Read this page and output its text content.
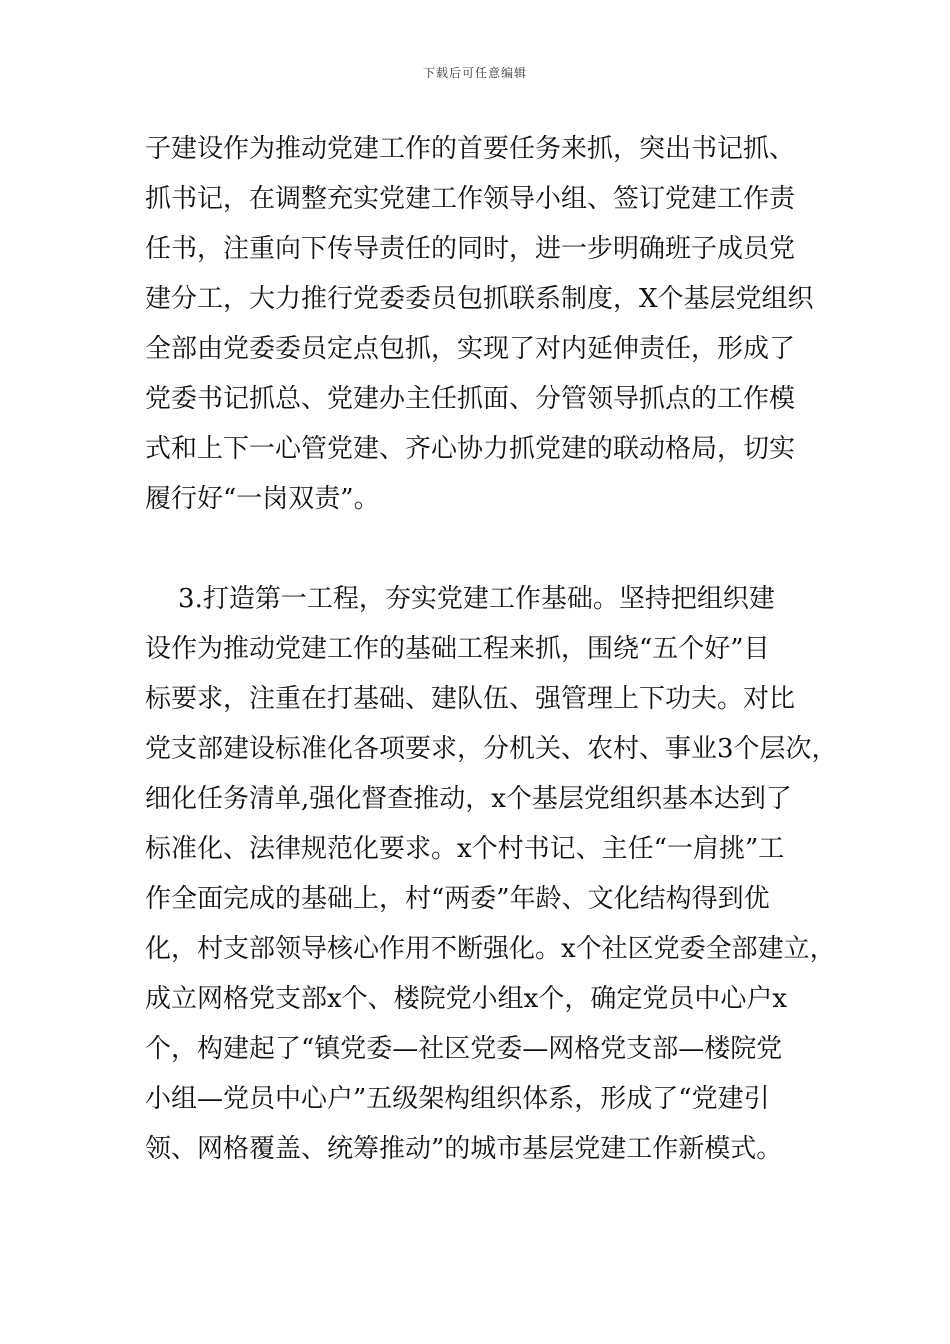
下载后可任意编辑
子建设作为推动党建工作的首要任务来抓，突出书记抓、
抓书记，在调整充实党建工作领导小组、签订党建工作责
任书，注重向下传导责任的同时，进一步明确班子成员党
建分工，大力推行党委委员包抓联系制度，X个基层党组织
全部由党委委员定点包抓，实现了对内延伸责任，形成了
党委书记抓总、党建办主任抓面、分管领导抓点的工作模
式和上下一心管党建、齐心协力抓党建的联动格局，切实
履行好“一岗双责”。
3.打造第一工程，夯实党建工作基础。坚持把组织建
设作为推动党建工作的基础工程来抓，围绕“五个好”目
标要求，注重在打基础、建队伍、强管理上下功夫。对比
党支部建设标准化各项要求，分机关、农村、事业3个层次，
细化任务清单,强化督查推动，x个基层党组织基本达到了
标准化、法律规范化要求。x个村书记、主任“一肩挑”工
作全面完成的基础上，村“两委”年龄、文化结构得到优
化，村支部领导核心作用不断强化。x个社区党委全部建立，
成立网格党支部x个、楼院党小组x个，确定党员中心户x
个，构建起了“镇党委—社区党委—网格党支部—楼院党
小组—党员中心户”五级架构组织体系，形成了“党建引
领、网格覆盖、统筹推动”的城市基层党建工作新模式。
